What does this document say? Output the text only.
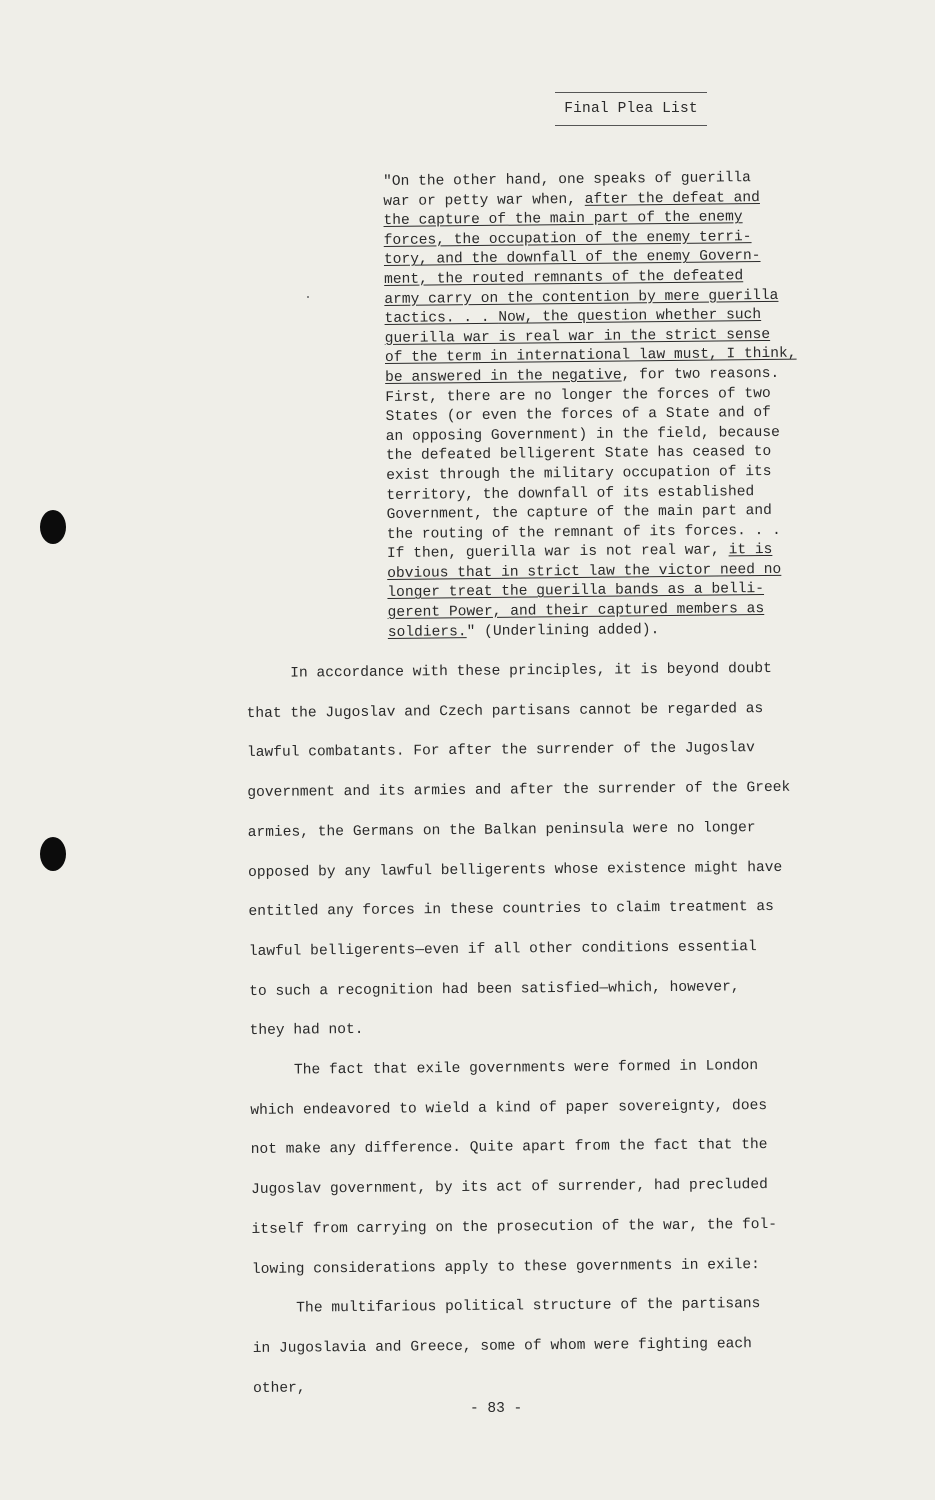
Final Plea List
"On the other hand, one speaks of guerilla
war or petty war when, after the defeat and
the capture of the main part of the enemy
forces, the occupation of the enemy terri-
tory, and the downfall of the enemy Govern-
ment, the routed remnants of the defeated
army carry on the contention by mere guerilla
tactics. . . Now, the question whether such
guerilla war is real war in the strict sense
of the term in international law must, I think,
be answered in the negative, for two reasons.
First, there are no longer the forces of two
States (or even the forces of a State and of
an opposing Government) in the field, because
the defeated belligerent State has ceased to
exist through the military occupation of its
territory, the downfall of its established
Government, the capture of the main part and
the routing of the remnant of its forces. . .
If then, guerilla war is not real war, it is
obvious that in strict law the victor need no
longer treat the guerilla bands as a belli-
gerent Power, and their captured members as
soldiers." (Underlining added).
In accordance with these principles, it is beyond doubt
that the Jugoslav and Czech partisans cannot be regarded as
lawful combatants. For after the surrender of the Jugoslav
government and its armies and after the surrender of the Greek
armies, the Germans on the Balkan peninsula were no longer
opposed by any lawful belligerents whose existence might have
entitled any forces in these countries to claim treatment as
lawful belligerents—even if all other conditions essential
to such a recognition had been satisfied—which, however,
they had not.
The fact that exile governments were formed in London
which endeavored to wield a kind of paper sovereignty, does
not make any difference. Quite apart from the fact that the
Jugoslav government, by its act of surrender, had precluded
itself from carrying on the prosecution of the war, the fol-
lowing considerations apply to these governments in exile:
The multifarious political structure of the partisans
in Jugoslavia and Greece, some of whom were fighting each
other,
- 83 -
